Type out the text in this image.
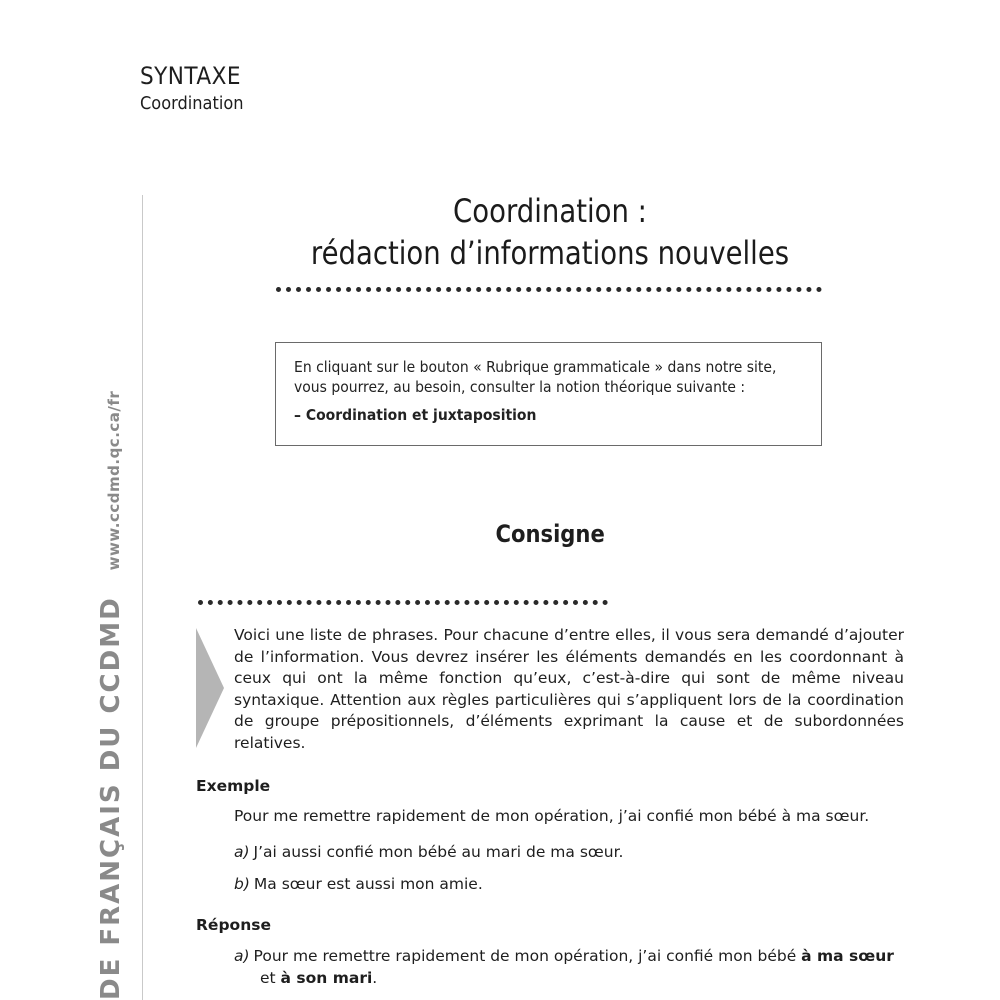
SYNTAXE
Coordination
DE FRANÇAIS DU CCDMD
www.ccdmd.qc.ca/fr
Coordination :
rédaction d’informations nouvelles
En cliquant sur le bouton « Rubrique grammaticale » dans notre site, vous pourrez, au besoin, consulter la notion théorique suivante :
– Coordination et juxtaposition
Consigne
Voici une liste de phrases. Pour chacune d’entre elles, il vous sera demandé d’ajouter de l’information. Vous devrez insérer les éléments demandés en les coordonnant à ceux qui ont la même fonction qu’eux, c’est-à-dire qui sont de même niveau syntaxique. Attention aux règles particulières qui s’appliquent lors de la coordination de groupe prépositionnels, d’éléments exprimant la cause et de subordonnées relatives.
Exemple
Pour me remettre rapidement de mon opération, j’ai confié mon bébé à ma sœur.
a) J’ai aussi confié mon bébé au mari de ma sœur.
b) Ma sœur est aussi mon amie.
Réponse
a) Pour me remettre rapidement de mon opération, j’ai confié mon bébé à ma sœur
et à son mari.
